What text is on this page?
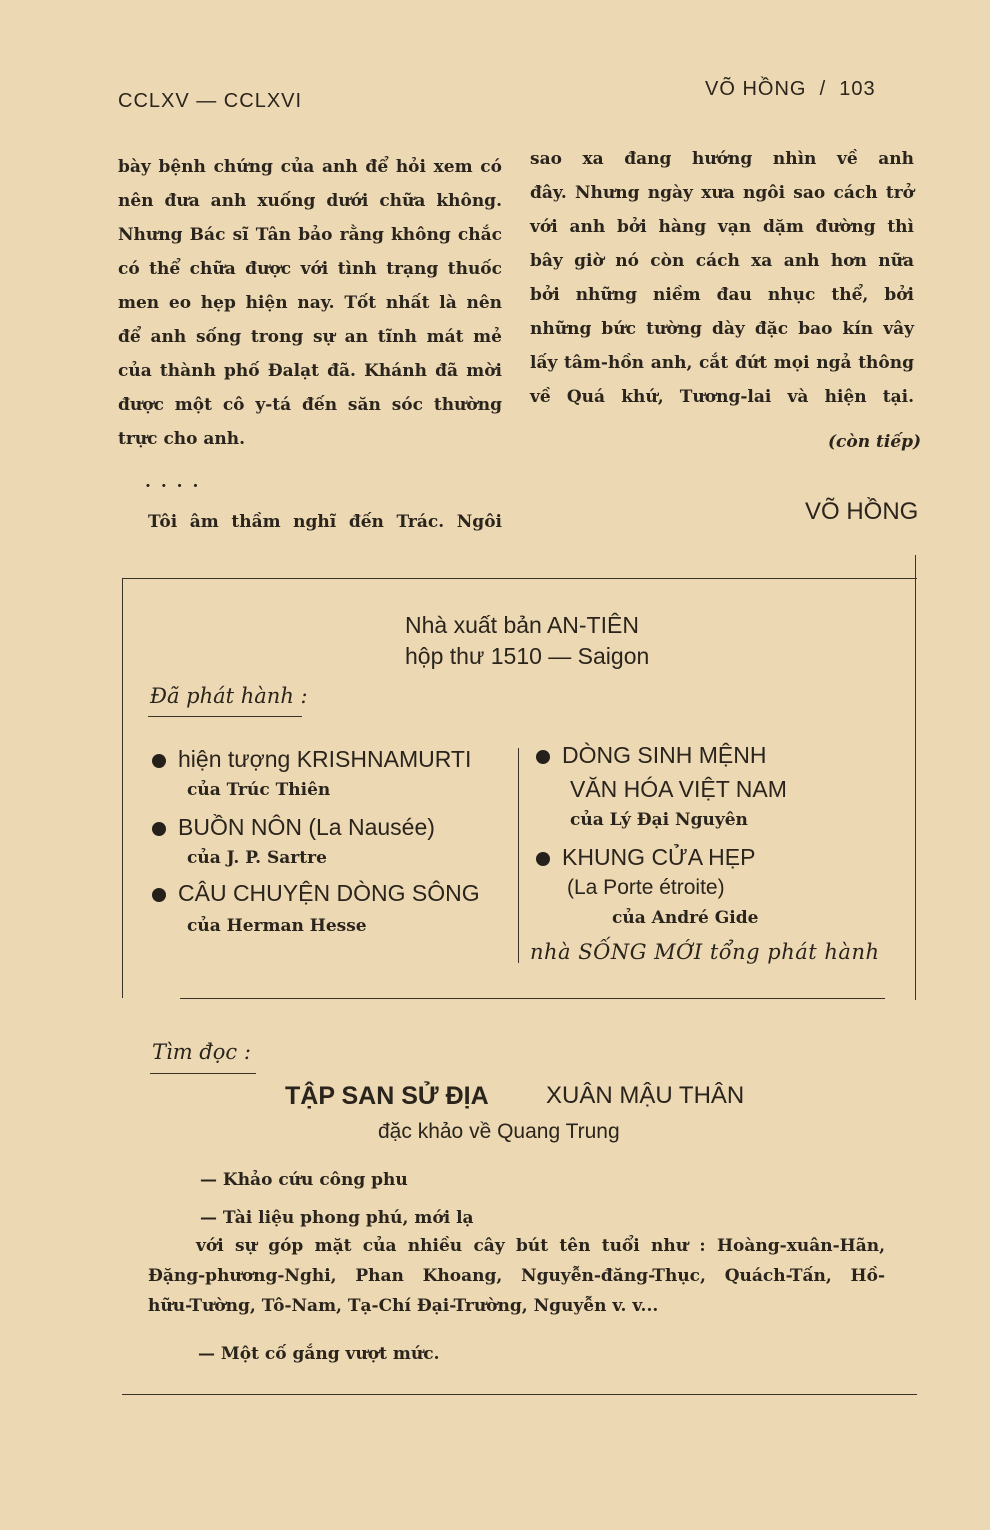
CCLXV — CCLXVI
VÕ HỒNG  /  103
bày bệnh chứng của anh để hỏi xem có
nên đưa anh xuống dưới chữa không.
Nhưng Bác sĩ Tân bảo rằng không chắc
có thể chữa được với tình trạng thuốc
men eo hẹp hiện nay. Tốt nhất là nên
để anh sống trong sự an tĩnh mát mẻ
của thành phố Đalạt đã. Khánh đã mời
được một cô y-tá đến săn sóc thường
trực cho anh.
. . . .
Tôi âm thầm nghĩ đến Trác. Ngôi
sao xa đang hướng nhìn về anh
đây. Nhưng ngày xưa ngôi sao cách trở
với anh bởi hàng vạn dặm đường thì
bây giờ nó còn cách xa anh hơn nữa
bởi những niềm đau nhục thể, bởi
những bức tường dày đặc bao kín vây
lấy tâm-hồn anh, cắt đứt mọi ngả thông
về Quá khứ, Tương-lai và hiện tại.
(còn tiếp)
VÕ HỒNG
Nhà xuất bản AN-TIÊN
hộp thư 1510 — Saigon
Đã phát hành :
hiện tượng KRISHNAMURTI
của Trúc Thiên
BUỒN NÔN (La Nausée)
của J. P. Sartre
CÂU CHUYỆN DÒNG SÔNG
của Herman Hesse
DÒNG SINH MỆNH
VĂN HÓA VIỆT NAM
của Lý Đại Nguyên
KHUNG CỬA HẸP
(La Porte étroite)
của André Gide
nhà SỐNG MỚI tổng phát hành
Tìm đọc :
TẬP SAN SỬ ĐỊA XUÂN MẬU THÂN
đặc khảo về Quang Trung
— Khảo cứu công phu
— Tài liệu phong phú, mới lạ
với sự góp mặt của nhiều cây bút tên tuổi như : Hoàng-xuân-Hãn,
Đặng-phương-Nghi, Phan Khoang, Nguyễn-đăng-Thục, Quách-Tấn, Hồ-
hữu-Tường, Tô-Nam, Tạ-Chí Đại-Trường, Nguyễn v. v...
— Một cố gắng vượt mức.
